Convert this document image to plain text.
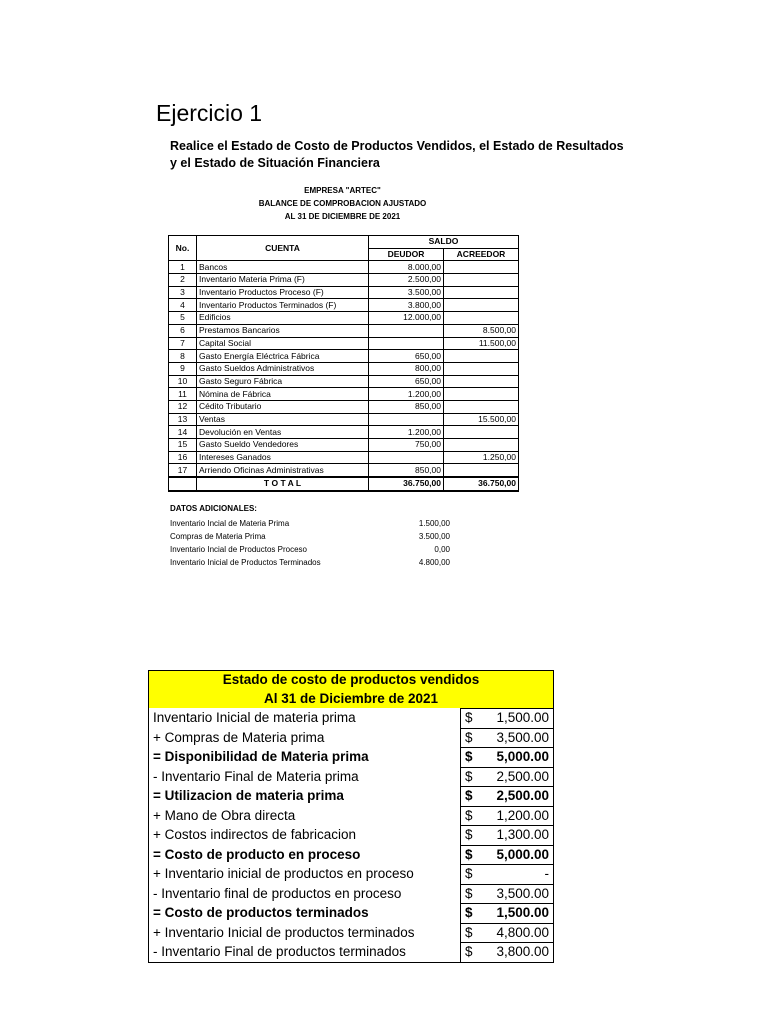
Ejercicio 1
Realice el Estado de Costo de Productos Vendidos, el Estado de Resultados
y el Estado de Situación Financiera
EMPRESA "ARTEC"
BALANCE DE COMPROBACION AJUSTADO
AL 31 DE DICIEMBRE DE 2021
No.	CUENTA	SALDO	
		DEUDOR	ACREEDOR
1	Bancos	8.000,00	
2	Inventario Materia Prima (F)	2.500,00	
3	Inventario Productos Proceso (F)	3.500,00	
4	Inventario Productos Terminados (F)	3.800,00	
5	Edificios	12.000,00	
6	Prestamos Bancarios		8.500,00
7	Capital Social		11.500,00
8	Gasto Energía Eléctrica Fábrica	650,00	
9	Gasto Sueldos Administrativos	800,00	
10	Gasto Seguro Fábrica	650,00	
11	Nómina de Fábrica	1.200,00	
12	Cédito Tributario	850,00	
13	Ventas		15.500,00
14	Devolución en Ventas	1.200,00	
15	Gasto Sueldo Vendedores	750,00	
16	Intereses Ganados		1.250,00
17	Arriendo Oficinas Administrativas	850,00	
	T O T A L	36.750,00	36.750,00
DATOS ADICIONALES:
Inventario Incial de Materia Prima	1.500,00
Compras de Materia Prima	3.500,00
Inventario Incial de Productos Proceso	0,00
Inventario Inicial de Productos Terminados	4.800,00
Estado de costo de productos vendidos	
Al 31 de Diciembre de 2021	
Inventario Inicial de materia prima	$ 1,500.00

+ Compras de Materia prima	$ 3,500.00

= Disponibilidad de Materia prima	$ 5,000.00

- Inventario Final de Materia prima	$ 2,500.00

= Utilizacion de materia prima	$ 2,500.00

+ Mano de Obra directa	$ 1,200.00

+ Costos indirectos de fabricacion	$ 1,300.00

= Costo de producto en proceso	$ 5,000.00

+ Inventario inicial de productos en proceso	$ -

- Inventario final de productos en proceso	$ 3,500.00

= Costo de productos terminados	$ 1,500.00

+ Inventario Inicial de productos terminados	$ 4,800.00

- Inventario Final de productos terminados	$ 3,800.00
